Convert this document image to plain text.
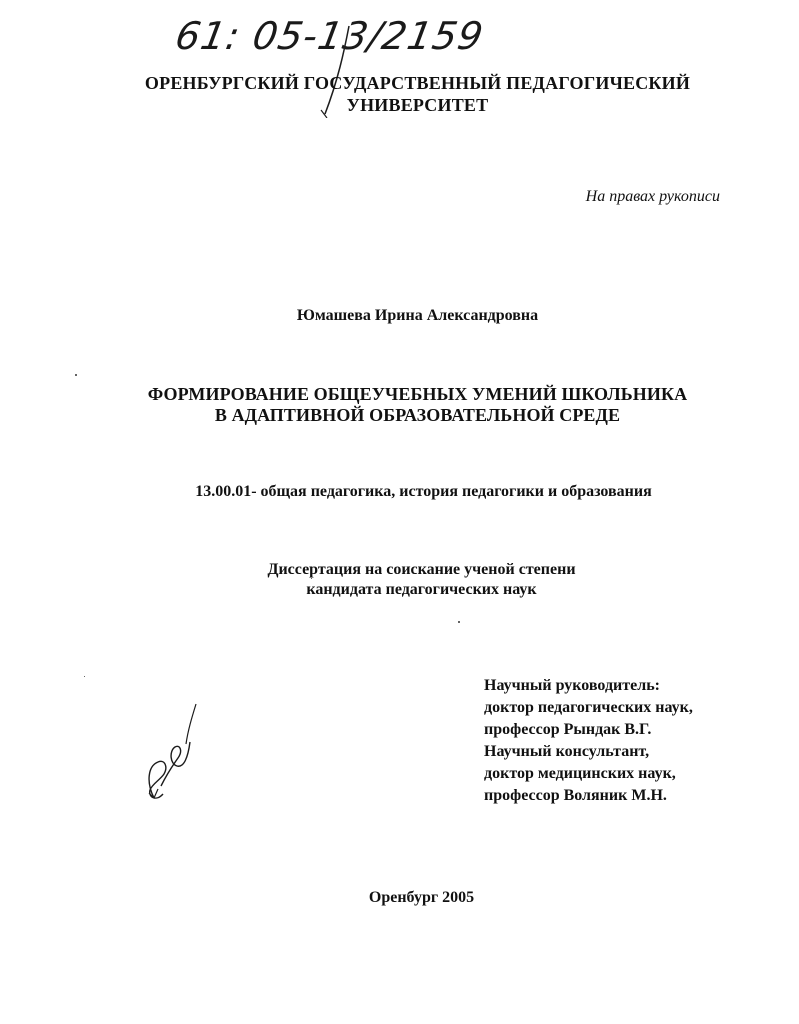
61: 05-13/2159
ОРЕНБУРГСКИЙ ГОСУДАРСТВЕННЫЙ ПЕДАГОГИЧЕСКИЙ
УНИВЕРСИТЕТ
На правах рукописи
Юмашева Ирина Александровна
ФОРМИРОВАНИЕ ОБЩЕУЧЕБНЫХ УМЕНИЙ ШКОЛЬНИКА
В АДАПТИВНОЙ ОБРАЗОВАТЕЛЬНОЙ СРЕДЕ
13.00.01- общая педагогика, история педагогики и образования
Диссертация на соискание ученой степени
кандидата педагогических наук
Научный руководитель:
доктор педагогических наук,
профессор Рындак В.Г.
Научный консультант,
доктор медицинских наук,
профессор Воляник М.Н.
Оренбург 2005
